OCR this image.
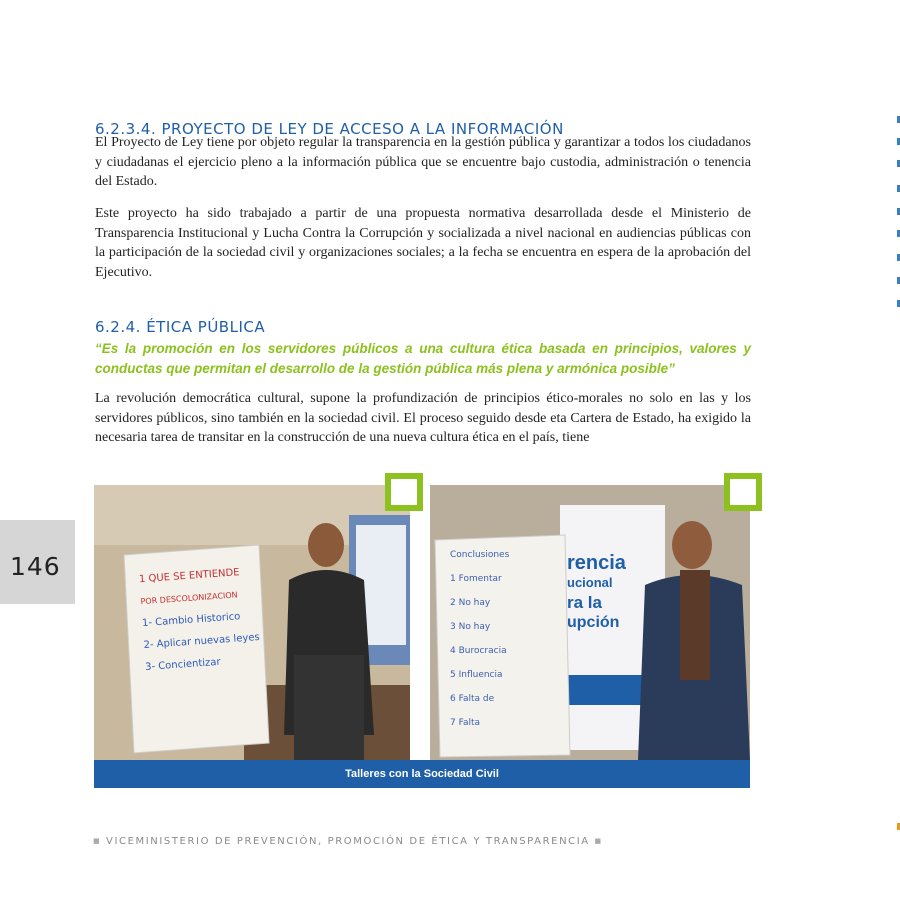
6.2.3.4. PROYECTO DE LEY DE ACCESO A LA INFORMACIÓN

El Proyecto de Ley tiene por objeto regular la transparencia en la gestión pública y garantizar a todos los ciudadanos y ciudadanas el ejercicio pleno a la información pública que se encuentre bajo custodia, administración o tenencia del Estado.

Este proyecto ha sido trabajado a partir de una propuesta normativa desarrollada desde el Ministerio de Transparencia Institucional y Lucha Contra la Corrupción y socializada a nivel nacional en audiencias públicas con la participación de la sociedad civil y organizaciones sociales; a la fecha se encuentra en espera de la aprobación del Ejecutivo.

6.2.4. ÉTICA PÚBLICA

“Es la promoción en los servidores públicos a una cultura ética basada en principios, valores y conductas que permitan el desarrollo de la gestión pública más plena y armónica posible”

La revolución democrática cultural, supone la profundización de principios ético-morales no solo en las y los servidores públicos, sino también en la sociedad civil. El proceso seguido desde eta Cartera de Estado, ha exigido la necesaria tarea de transitar en la construcción de una nueva cultura ética en el país, tiene

1 QUE SE ENTIENDE
POR DESCOLONIZACION
1- Cambio Historico
2- Aplicar nuevas leyes
3- Concientizar
rencia
ucional
ra la
upción
Conclusiones
1 Fomentar
2 No hay
3 No hay
4 Burocracia
5 Influencia
6 Falta de
7 Falta
Talleres con la Sociedad Civil
146
■ VICEMINISTERIO DE PREVENCIÓN, PROMOCIÓN DE ÉTICA Y TRANSPARENCIA ■
